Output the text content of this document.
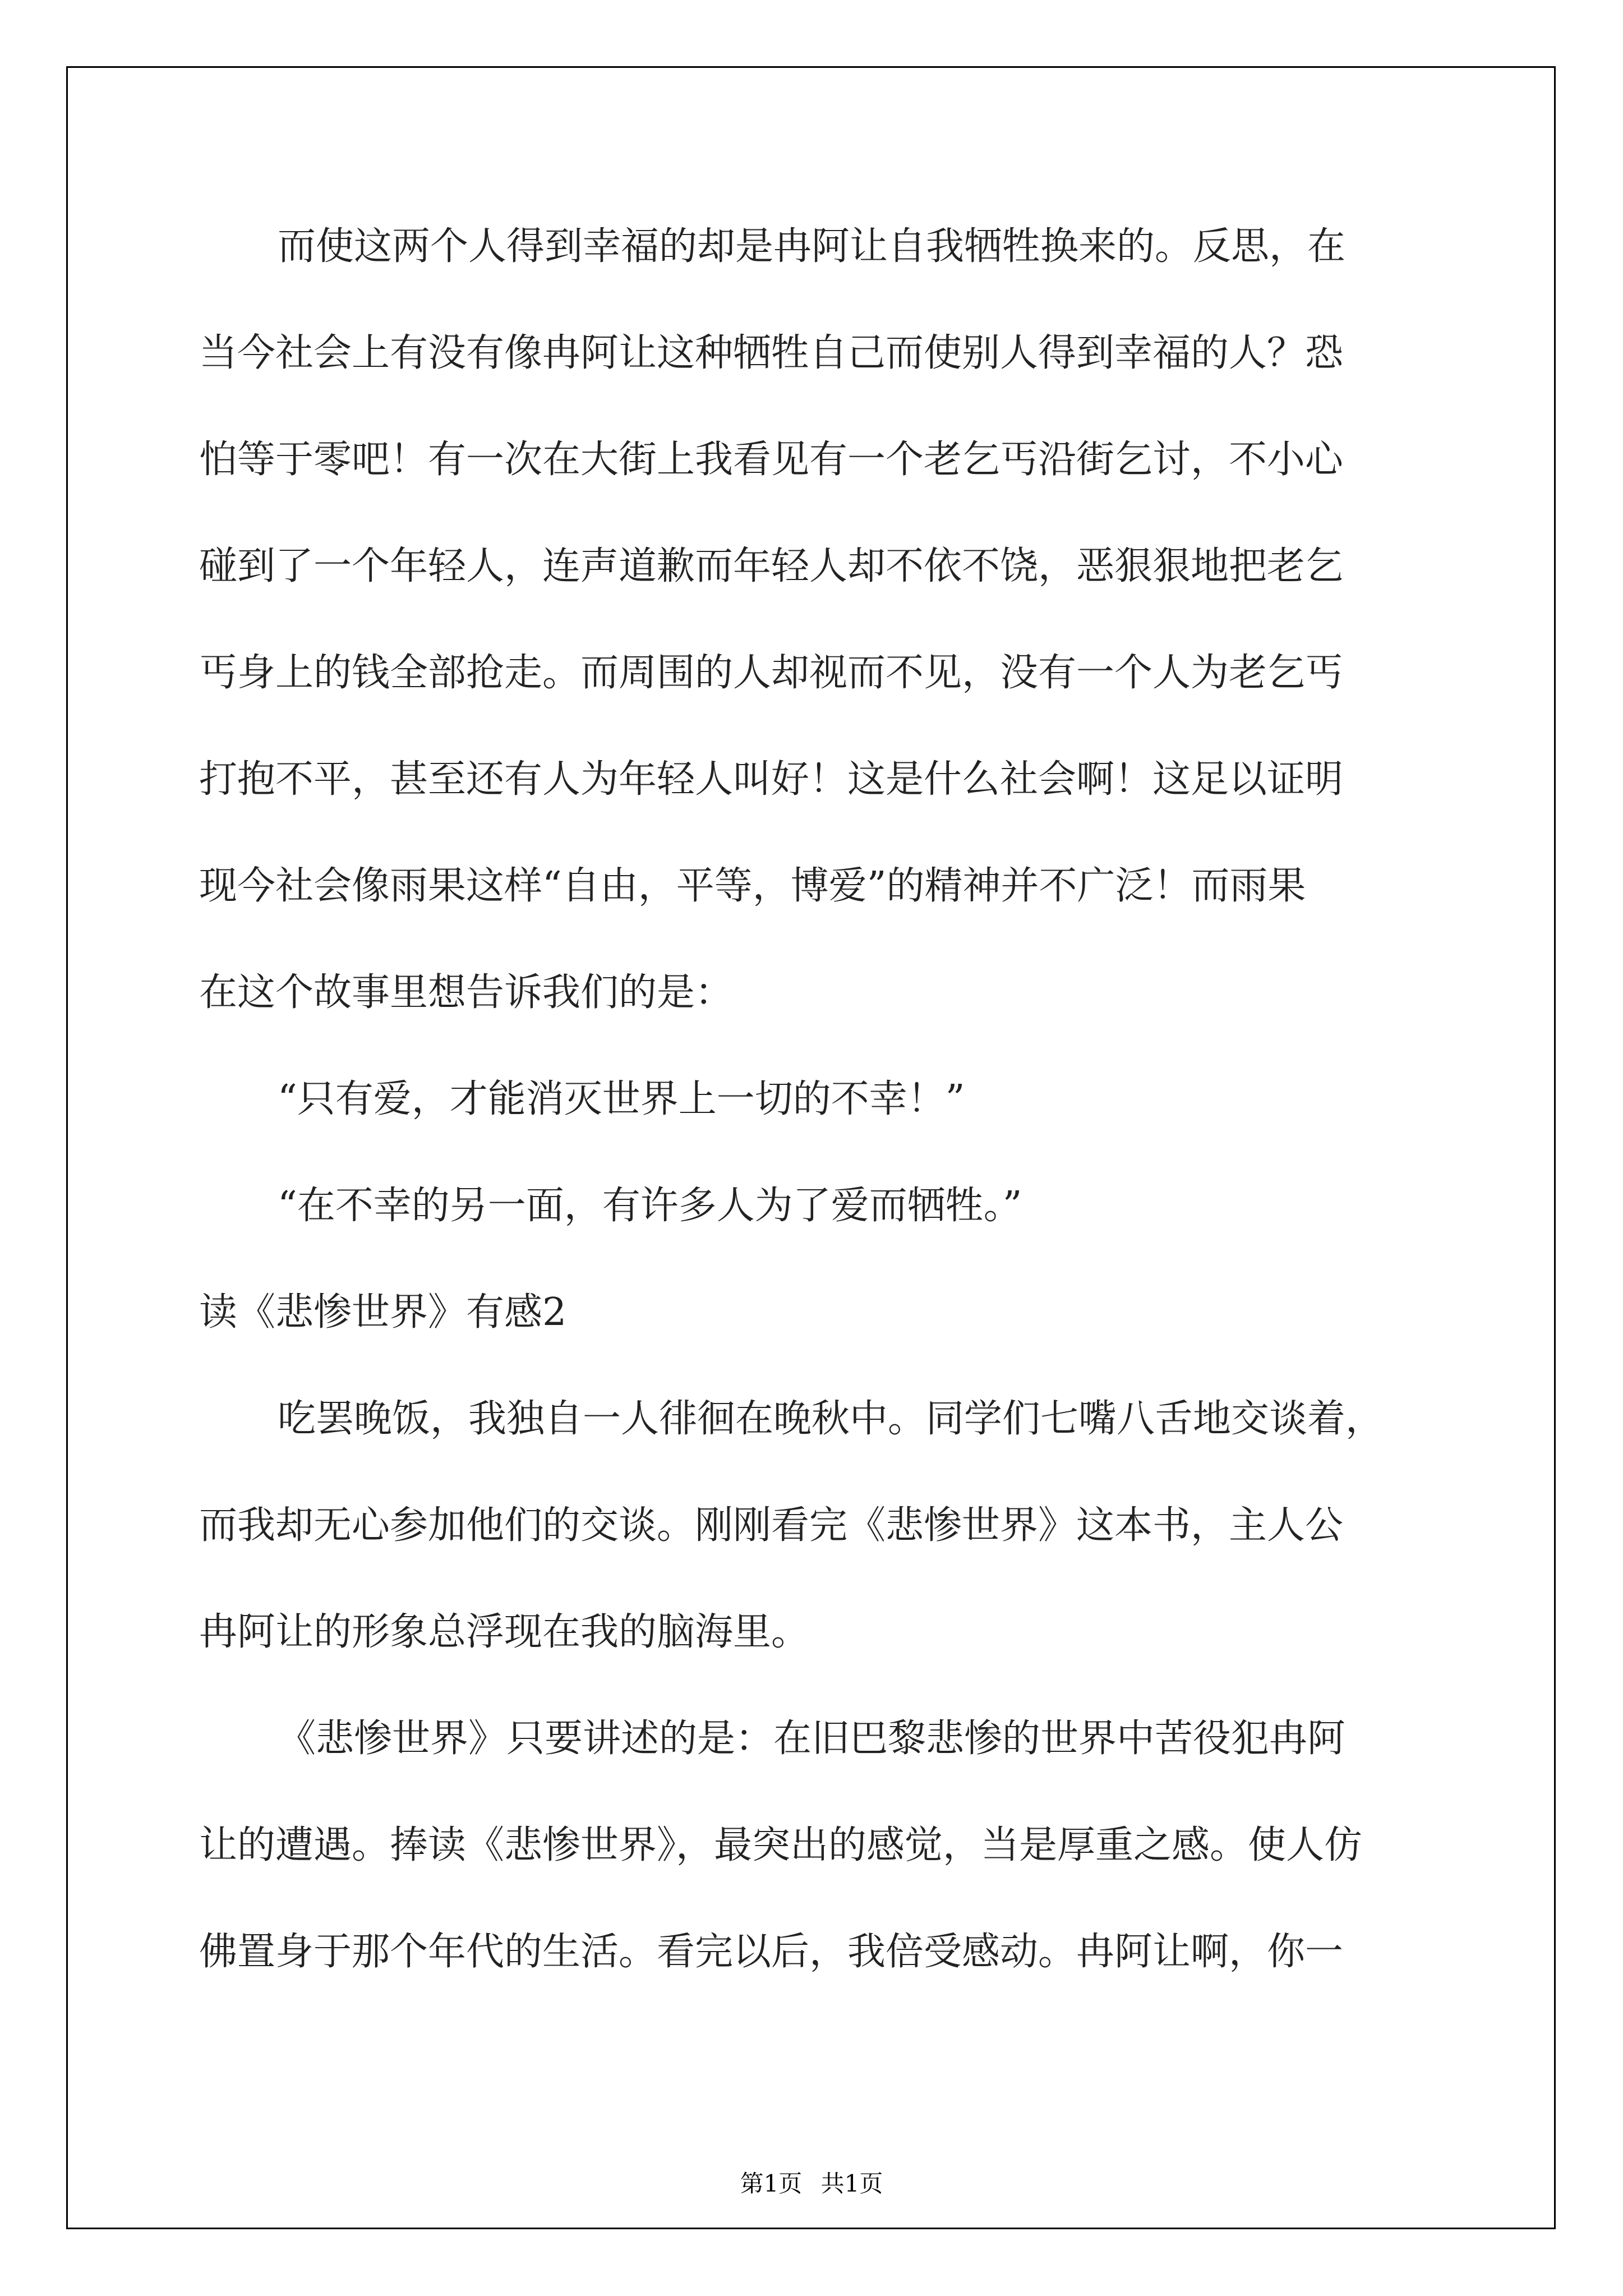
而使这两个人得到幸福的却是冉阿让自我牺牲换来的。反思，在
当今社会上有没有像冉阿让这种牺牲自己而使别人得到幸福的人？恐
怕等于零吧！有一次在大街上我看见有一个老乞丐沿街乞讨，不小心
碰到了一个年轻人，连声道歉而年轻人却不依不饶，恶狠狠地把老乞
丐身上的钱全部抢走。而周围的人却视而不见，没有一个人为老乞丐
打抱不平，甚至还有人为年轻人叫好！这是什么社会啊！这足以证明
现今社会像雨果这样“自由，平等，博爱”的精神并不广泛！而雨果
在这个故事里想告诉我们的是：
“只有爱，才能消灭世界上一切的不幸！”
“在不幸的另一面，有许多人为了爱而牺牲。”
读《悲惨世界》有感2
吃罢晚饭，我独自一人徘徊在晚秋中。同学们七嘴八舌地交谈着，
而我却无心参加他们的交谈。刚刚看完《悲惨世界》这本书，主人公
冉阿让的形象总浮现在我的脑海里。
《悲惨世界》只要讲述的是：在旧巴黎悲惨的世界中苦役犯冉阿
让的遭遇。捧读《悲惨世界》，最突出的感觉，当是厚重之感。使人仿
佛置身于那个年代的生活。看完以后，我倍受感动。冉阿让啊，你一
第1页 共1页
